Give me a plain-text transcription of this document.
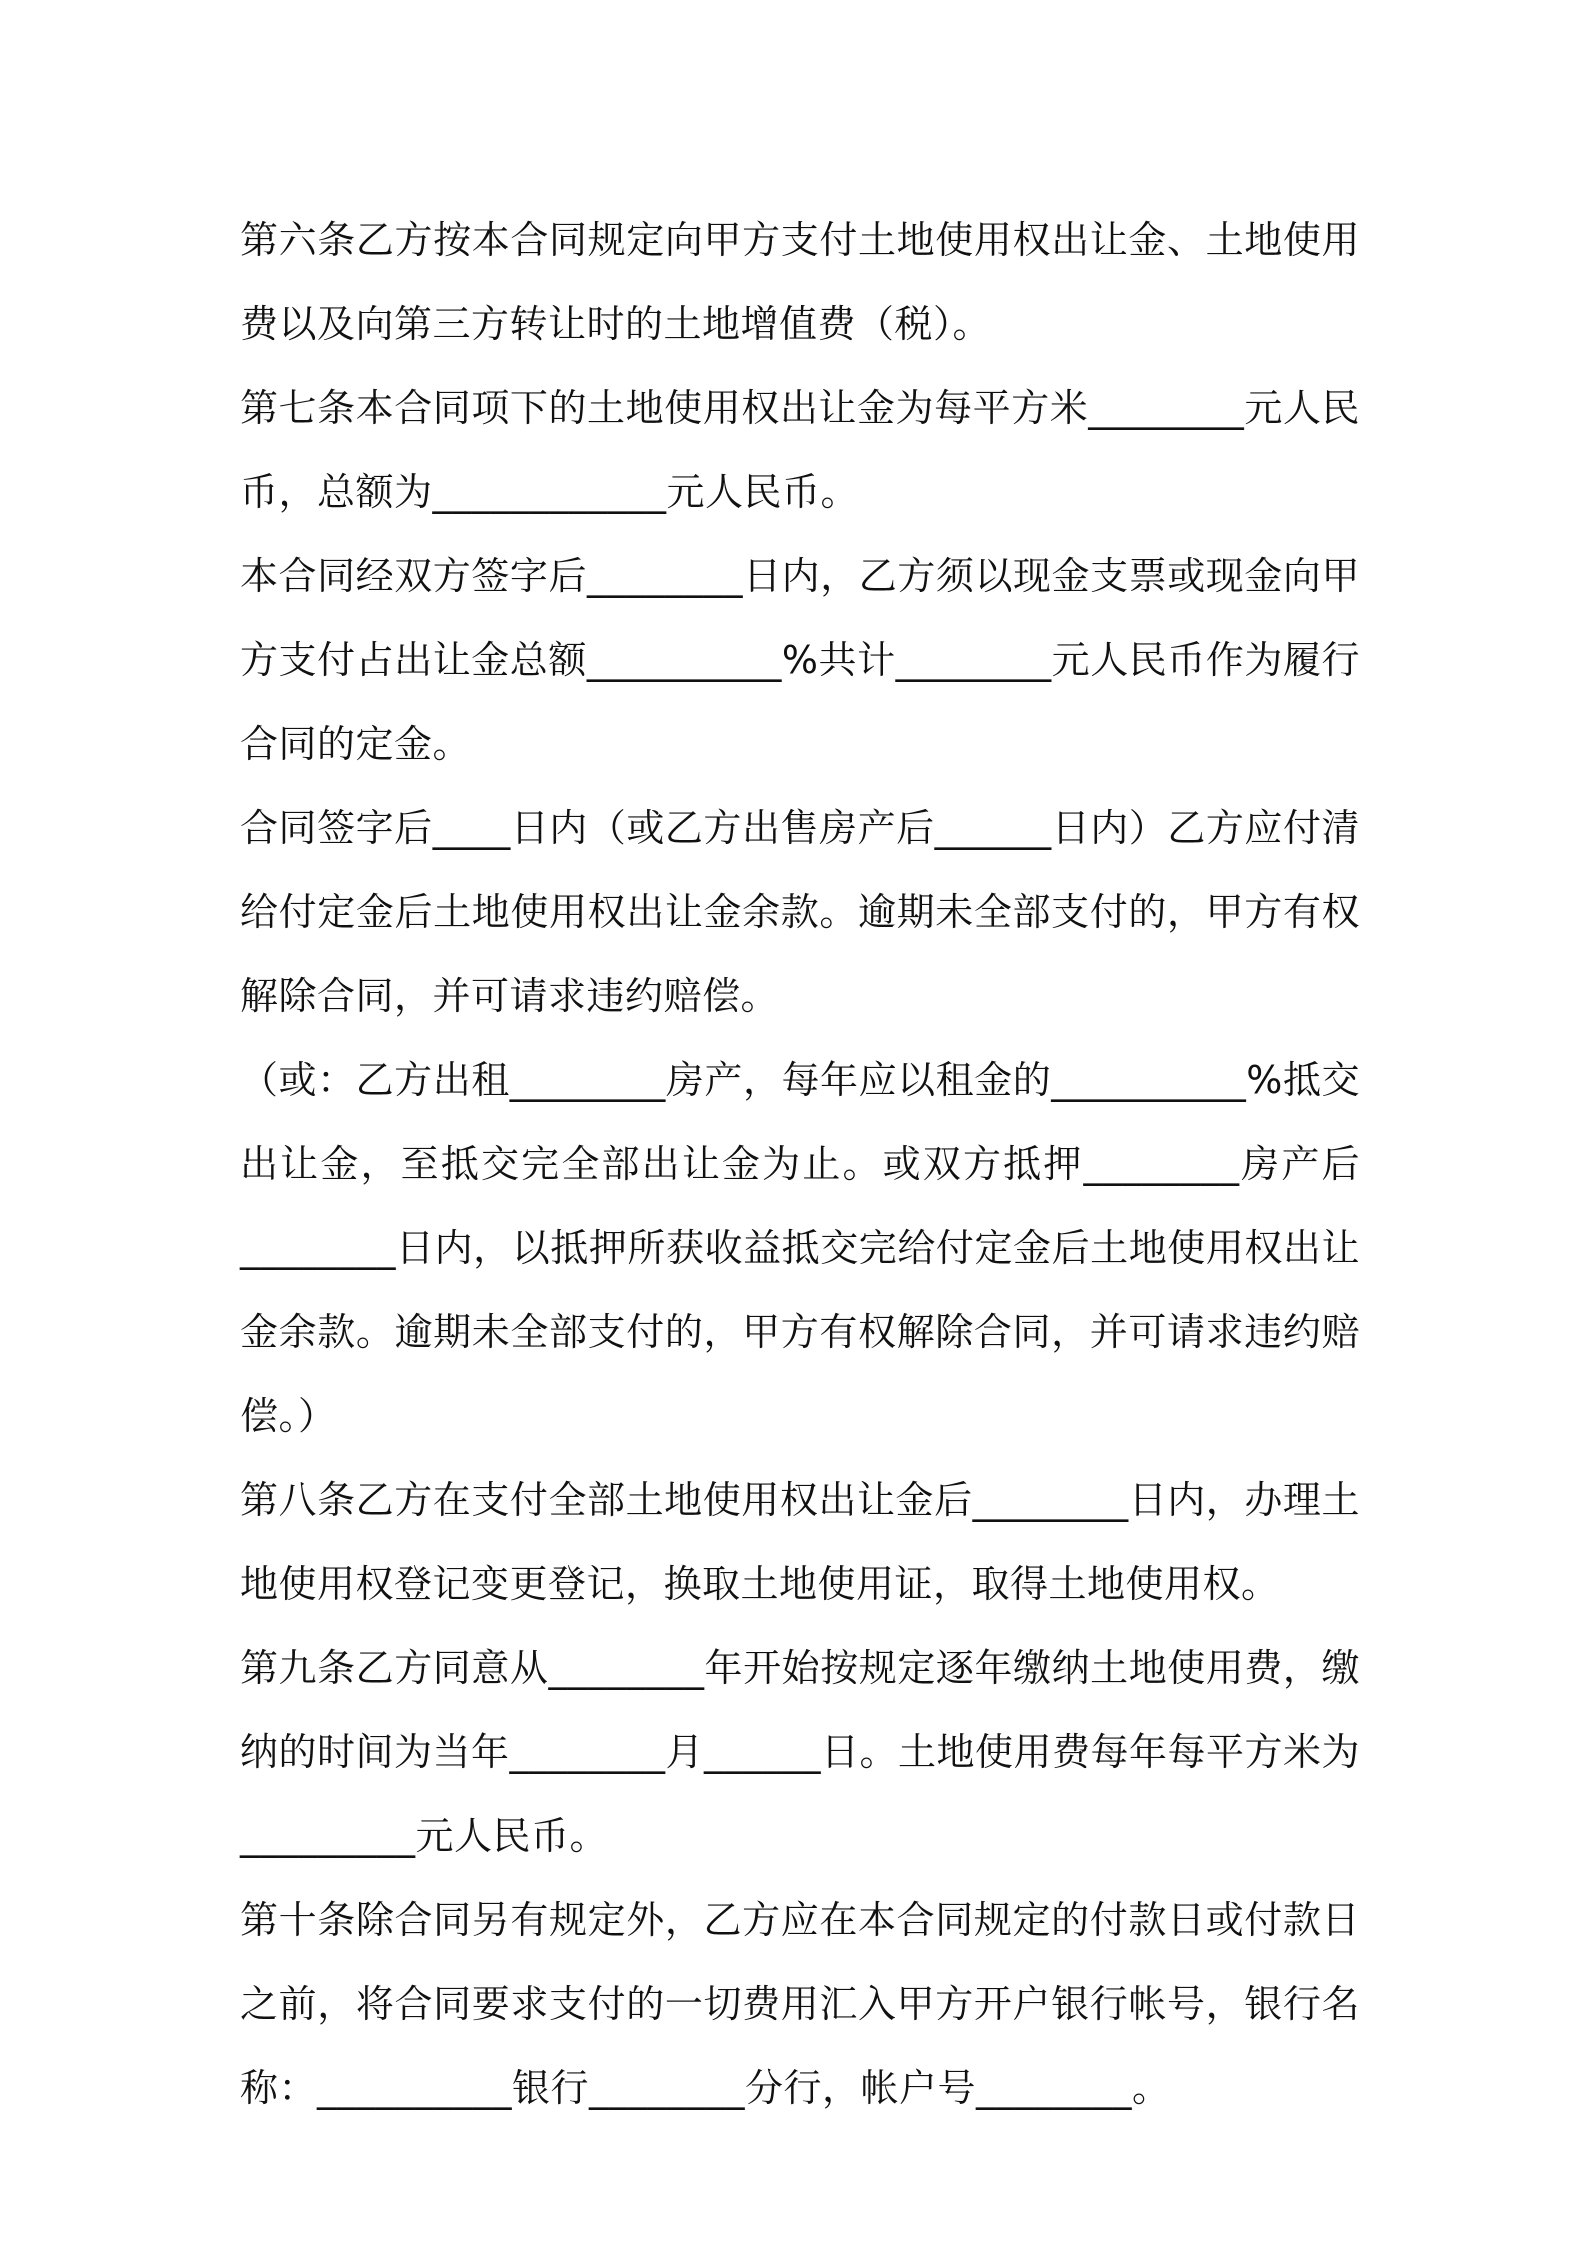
第六条乙方按本合同规定向甲方支付土地使用权出让金、土地使用费以及向第三方转让时的土地增值费（税）。

第七条本合同项下的土地使用权出让金为每平方米________元人民币，总额为____________元人民币。

本合同经双方签字后________日内，乙方须以现金支票或现金向甲方支付占出让金总额__________%共计________元人民币作为履行合同的定金。

合同签字后____日内（或乙方出售房产后______日内）乙方应付清给付定金后土地使用权出让金余款。逾期未全部支付的，甲方有权解除合同，并可请求违约赔偿。

（或：乙方出租________房产，每年应以租金的__________%抵交出让金，至抵交完全部出让金为止。或双方抵押________房产后________日内，以抵押所获收益抵交完给付定金后土地使用权出让金余款。逾期未全部支付的，甲方有权解除合同，并可请求违约赔偿。）

第八条乙方在支付全部土地使用权出让金后________日内，办理土地使用权登记变更登记，换取土地使用证，取得土地使用权。

第九条乙方同意从________年开始按规定逐年缴纳土地使用费，缴纳的时间为当年________月______日。土地使用费每年每平方米为_________元人民币。

第十条除合同另有规定外，乙方应在本合同规定的付款日或付款日之前，将合同要求支付的一切费用汇入甲方开户银行帐号，银行名称：__________银行________分行，帐户号________。
